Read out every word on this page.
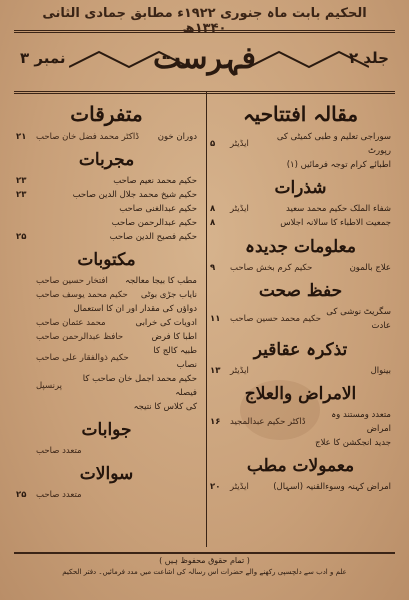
الحکیم بابت ماہ جنوری ۱۹۲۲ء مطابق جمادی الثانی ۱۳۴۰ھ
فہرست	جلد ۲
نمبر ۳
مقالہ افتتاحیہ
سوراجی تعلیم و طبی کمیٹی کی رپورٹ
ایڈیٹر
۵
اطبائے کرام توجہ فرمائیں (۱)
شذرات
شفاء الملک حکیم محمد سعید
ایڈیٹر
۸
جمعیت الاطباء کا سالانہ اجلاس
۸
معلومات جدیدہ
علاج بالمون
حکیم کرم بخش صاحب
۹
حفظ صحت
سگریٹ نوشی کی عادت
حکیم محمد حسین صاحب
۱۱
تذکرہ عقاقیر
بینوال
ایڈیٹر
۱۳
الامراض والعلاج
متعدد ومستند وہ امراض
ڈاکٹر حکیم عبدالمجید
۱۶
جدید انجکشن کا علاج
معمولات مطب
امراض کہنہ وسوءالقنیہ (اسہال)
ایڈیٹر
۲۰
متفرقات
دوران خون
ڈاکٹر محمد فضل خان صاحب
۲۱
مجربات
حکیم محمد نعیم صاحب
۲۳
حکیم شیخ محمد جلال الدین صاحب
۲۳
حکیم عبدالغنی صاحب
حکیم عبدالرحمن صاحب
حکیم فصیح الدین صاحب
۲۵
مکتوبات
مطب کا بیجا معالجہ
افتخار حسین صاحب
نایاب جڑی بوٹی
حکیم محمد یوسف صاحب
دواؤں کی مقدار اور ان کا استعمال
ادویات کی خرابی
محمد عثمان صاحب
اطبا کا فرض
حافظ عبدالرحمن صاحب
طبیہ کالج کا نصاب
حکیم ذوالفقار علی صاحب
حکیم محمد اجمل خان صاحب کا فیصلہ
پرنسپل
کی کلاس کا نتیجہ
جوابات
متعدد صاحب
سوالات
متعدد صاحب
۲۵
( تمام حقوق محفوظ ہیں )
علم و ادب سے دلچسپی رکھنے والے حضرات اس رسالہ کی اشاعت میں مدد فرمائیں۔ دفتر الحکیم
